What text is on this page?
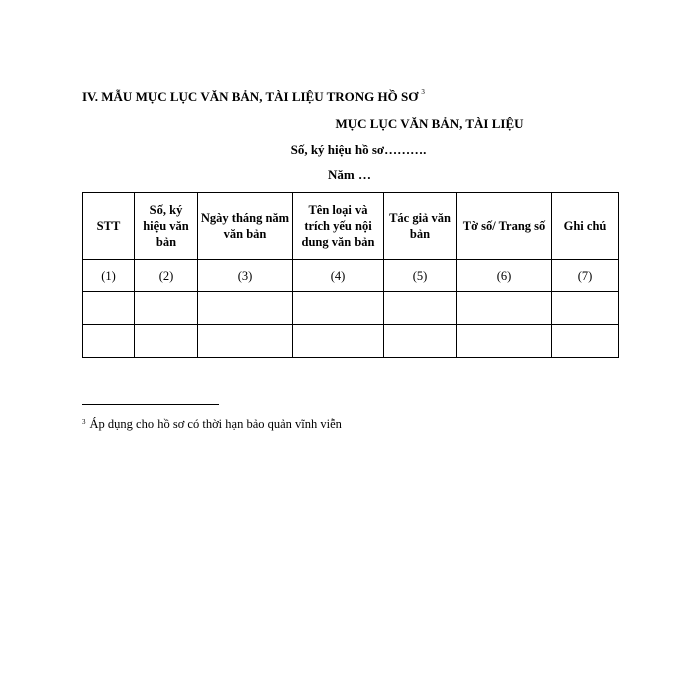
IV. MẪU MỤC LỤC VĂN BẢN, TÀI LIỆU TRONG HỒ SƠ $^3$
MỤC LỤC VĂN BẢN, TÀI LIỆU
Số, ký hiệu hồ sơ……….
Năm …
STT	Số, ký hiệu văn bản	Ngày tháng năm văn bản	Tên loại và trích yếu nội dung văn bản	Tác giả văn bản	Tờ số/ Trang số	Ghi chú
(1)	(2)	(3)	(4)	(5)	(6)	(7)

$^3$ Áp dụng cho hồ sơ có thời hạn bảo quản vĩnh viễn
